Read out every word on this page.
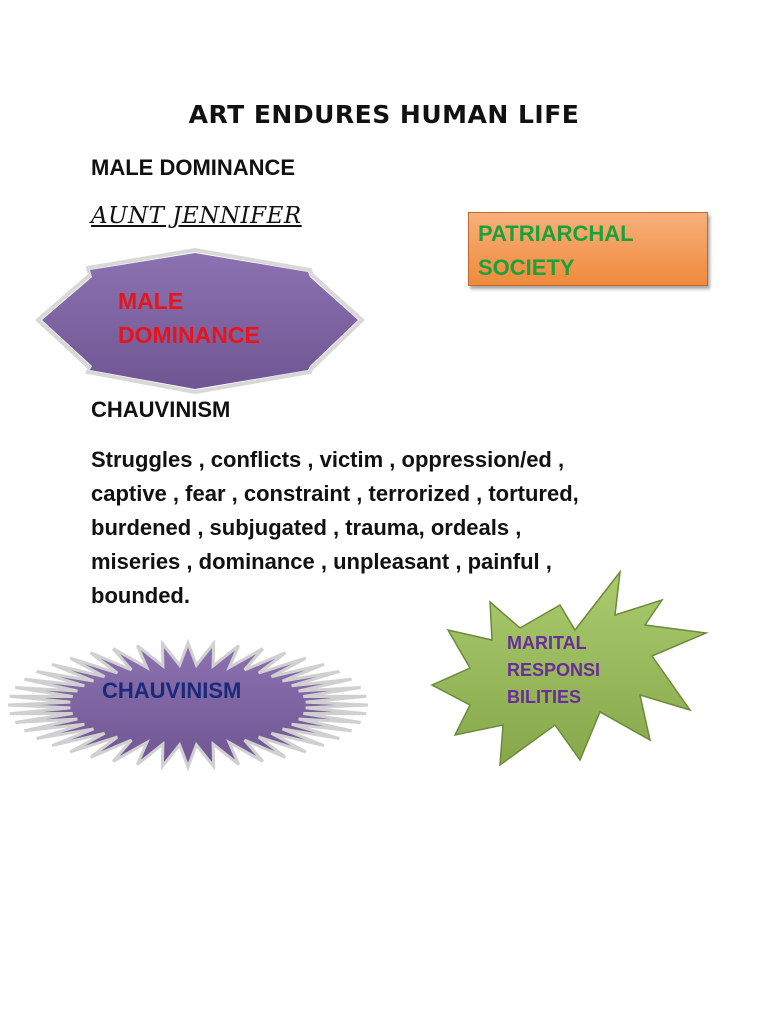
ART ENDURES HUMAN LIFE
MALE DOMINANCE
AUNT JENNIFER
PATRIARCHAL
SOCIETY
MALE
DOMINANCE
CHAUVINISM

Struggles , conflicts , victim , oppression/ed ,
captive , fear , constraint , terrorized , tortured,
burdened , subjugated , trauma, ordeals ,
miseries , dominance , unpleasant , painful ,
bounded.

CHAUVINISM
MARITAL
RESPONSI
BILITIES
